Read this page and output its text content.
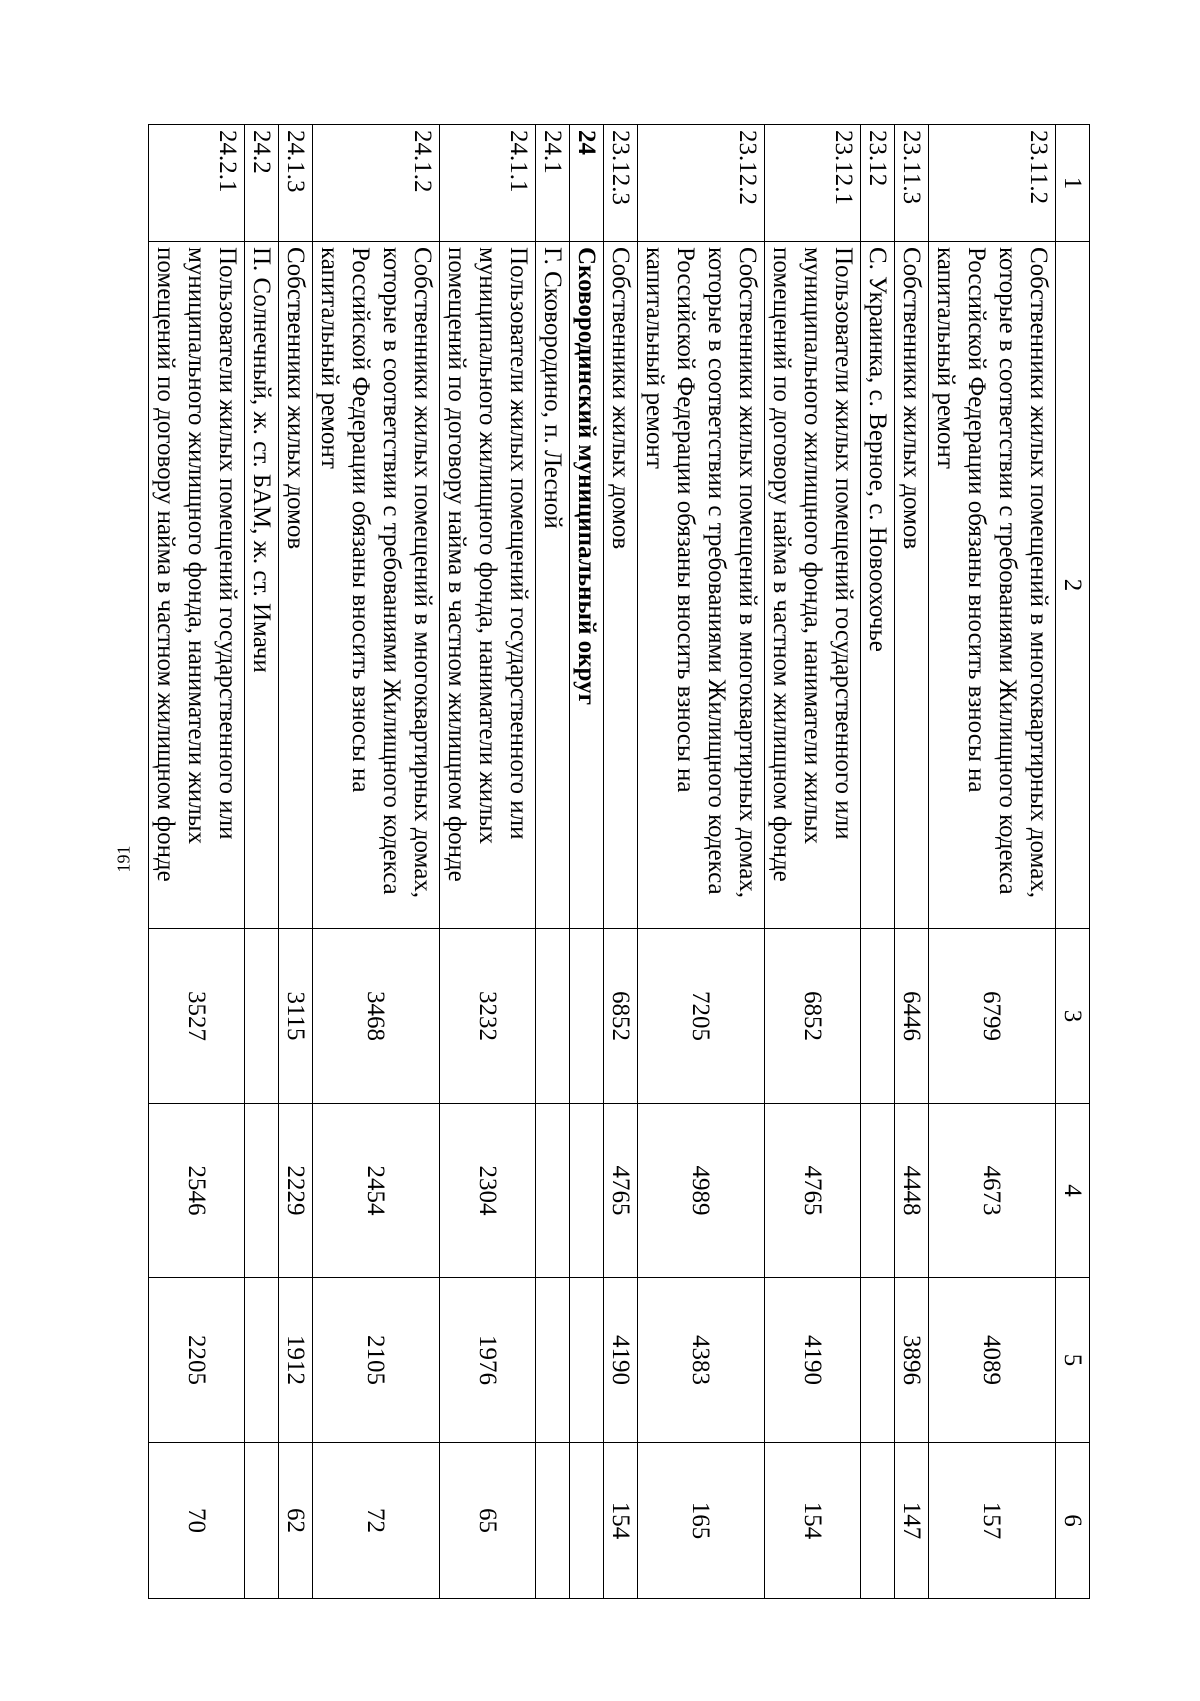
191
1	2	3	4	5	6
23.11.2	Собственники жилых помещений в многоквартирных домах, которые в соответствии с требованиями Жилищного кодекса Российской Федерации обязаны вносить взносы на капитальный ремонт	6799	4673	4089	157
23.11.3	Собственники жилых домов	6446	4448	3896	147
23.12	С. Украинка, с. Верное, с. Новоохочье				
23.12.1	Пользователи жилых помещений государственного или муниципального жилищного фонда, наниматели жилых помещений по договору найма в частном жилищном фонде	6852	4765	4190	154
23.12.2	Собственники жилых помещений в многоквартирных домах, которые в соответствии с требованиями Жилищного кодекса Российской Федерации обязаны вносить взносы на капитальный ремонт	7205	4989	4383	165
23.12.3	Собственники жилых домов	6852	4765	4190	154
24	Сковородинский муниципальный округ				
24.1	Г. Сковородино, п. Лесной				
24.1.1	Пользователи жилых помещений государственного или муниципального жилищного фонда, наниматели жилых помещений по договору найма в частном жилищном фонде	3232	2304	1976	65
24.1.2	Собственники жилых помещений в многоквартирных домах, которые в соответствии с требованиями Жилищного кодекса Российской Федерации обязаны вносить взносы на капитальный ремонт	3468	2454	2105	72
24.1.3	Собственники жилых домов	3115	2229	1912	62
24.2	П. Солнечный, ж. ст. БАМ, ж. ст. Имачи				
24.2.1	Пользователи жилых помещений государственного или муниципального жилищного фонда, наниматели жилых помещений по договору найма в частном жилищном фонде	3527	2546	2205	70
